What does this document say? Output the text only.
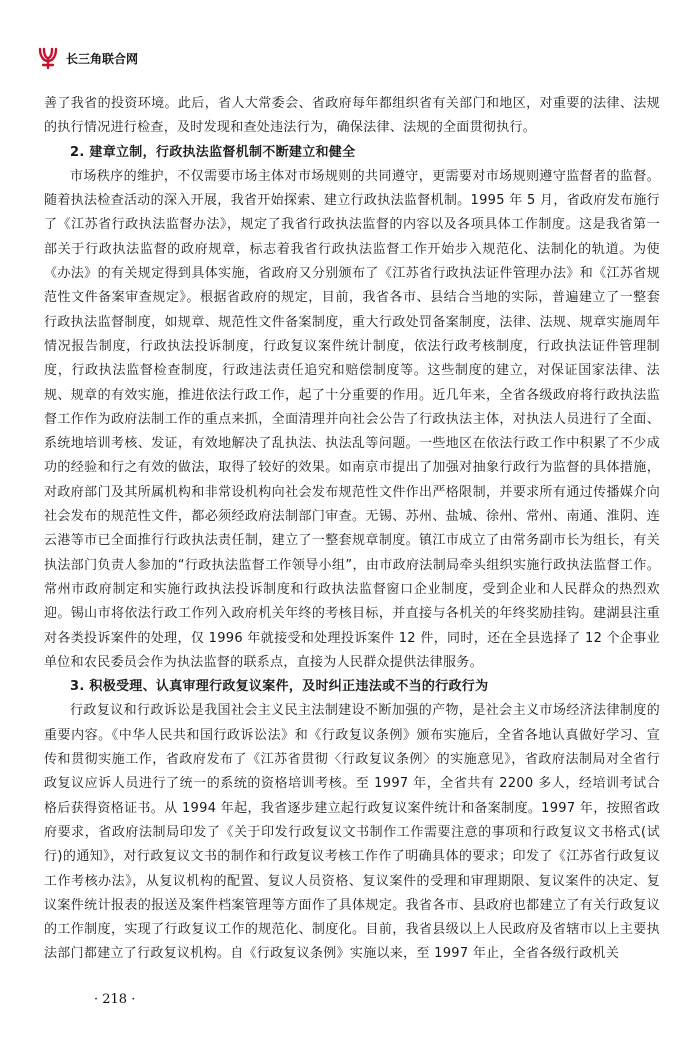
长三角联合网

善了我省的投资环境。此后，省人大常委会、省政府每年都组织省有关部门和地区，对重要的法律、法规的执行情况进行检查，及时发现和查处违法行为，确保法律、法规的全面贯彻执行。

2. 建章立制，行政执法监督机制不断建立和健全

市场秩序的维护，不仅需要市场主体对市场规则的共同遵守，更需要对市场规则遵守监督者的监督。随着执法检查活动的深入开展，我省开始探索、建立行政执法监督机制。1995 年 5 月，省政府发布施行了《江苏省行政执法监督办法》，规定了我省行政执法监督的内容以及各项具体工作制度。这是我省第一部关于行政执法监督的政府规章，标志着我省行政执法监督工作开始步入规范化、法制化的轨道。为使《办法》的有关规定得到具体实施，省政府又分别颁布了《江苏省行政执法证件管理办法》和《江苏省规范性文件备案审查规定》。根据省政府的规定，目前，我省各市、县结合当地的实际，普遍建立了一整套行政执法监督制度，如规章、规范性文件备案制度，重大行政处罚备案制度，法律、法规、规章实施周年情况报告制度，行政执法投诉制度，行政复议案件统计制度，依法行政考核制度，行政执法证件管理制度，行政执法监督检查制度，行政违法责任追究和赔偿制度等。这些制度的建立，对保证国家法律、法规、规章的有效实施，推进依法行政工作，起了十分重要的作用。近几年来，全省各级政府将行政执法监督工作作为政府法制工作的重点来抓，全面清理并向社会公告了行政执法主体，对执法人员进行了全面、系统地培训考核、发证，有效地解决了乱执法、执法乱等问题。一些地区在依法行政工作中积累了不少成功的经验和行之有效的做法，取得了较好的效果。如南京市提出了加强对抽象行政行为监督的具体措施，对政府部门及其所属机构和非常设机构向社会发布规范性文件作出严格限制，并要求所有通过传播媒介向社会发布的规范性文件，都必须经政府法制部门审查。无锡、苏州、盐城、徐州、常州、南通、淮阴、连云港等市已全面推行行政执法责任制，建立了一整套规章制度。镇江市成立了由常务副市长为组长，有关执法部门负责人参加的“行政执法监督工作领导小组”，由市政府法制局牵头组织实施行政执法监督工作。常州市政府制定和实施行政执法投诉制度和行政执法监督窗口企业制度，受到企业和人民群众的热烈欢迎。锡山市将依法行政工作列入政府机关年终的考核目标，并直接与各机关的年终奖励挂钩。建湖县注重对各类投诉案件的处理，仅 1996 年就接受和处理投诉案件 12 件，同时，还在全县选择了 12 个企事业单位和农民委员会作为执法监督的联系点，直接为人民群众提供法律服务。

3. 积极受理、认真审理行政复议案件，及时纠正违法或不当的行政行为

行政复议和行政诉讼是我国社会主义民主法制建设不断加强的产物，是社会主义市场经济法律制度的重要内容。《中华人民共和国行政诉讼法》和《行政复议条例》颁布实施后，全省各地认真做好学习、宣传和贯彻实施工作，省政府发布了《江苏省贯彻〈行政复议条例〉的实施意见》，省政府法制局对全省行政复议应诉人员进行了统一的系统的资格培训考核。至 1997 年，全省共有 2200 多人，经培训考试合格后获得资格证书。从 1994 年起，我省逐步建立起行政复议案件统计和备案制度。1997 年，按照省政府要求，省政府法制局印发了《关于印发行政复议文书制作工作需要注意的事项和行政复议文书格式(试行)的通知》，对行政复议文书的制作和行政复议考核工作作了明确具体的要求；印发了《江苏省行政复议工作考核办法》，从复议机构的配置、复议人员资格、复议案件的受理和审理期限、复议案件的决定、复议案件统计报表的报送及案件档案管理等方面作了具体规定。我省各市、县政府也都建立了有关行政复议的工作制度，实现了行政复议工作的规范化、制度化。目前，我省县级以上人民政府及省辖市以上主要执法部门都建立了行政复议机构。自《行政复议条例》实施以来，至 1997 年止，全省各级行政机关

· 218 ·
